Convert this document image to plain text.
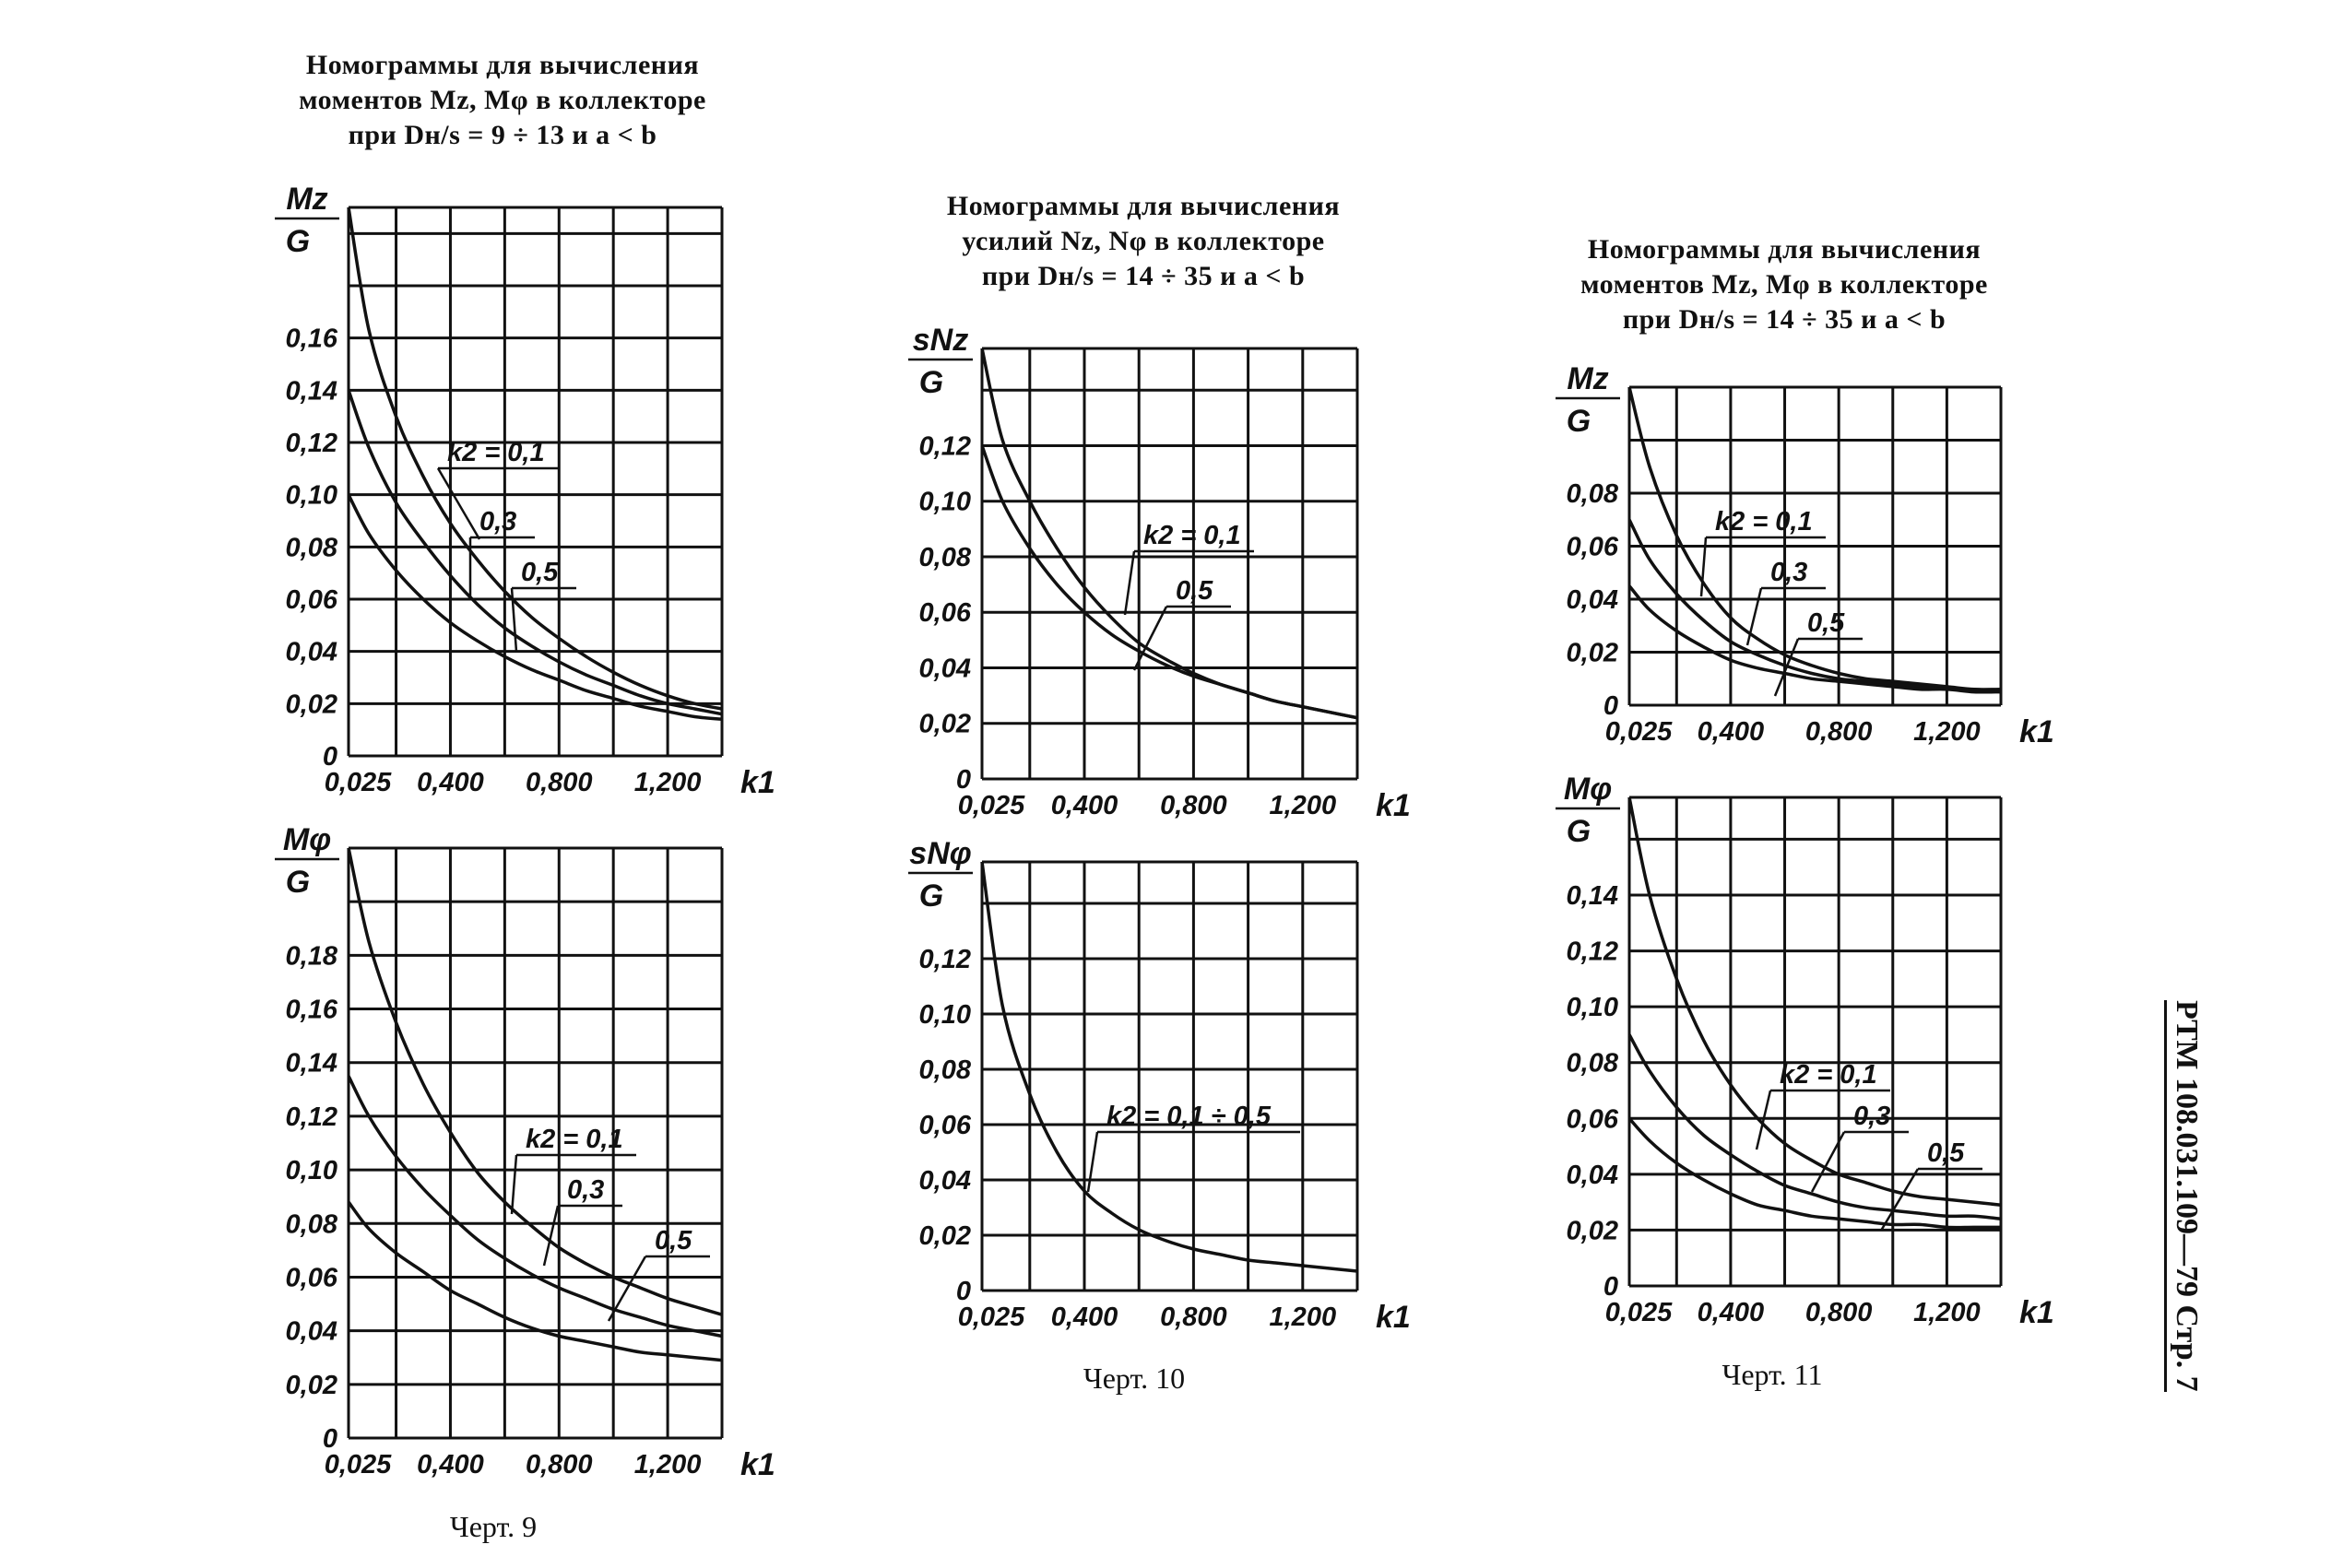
Номограммы для вычисления
моментов Mz, Mφ в коллекторе
при Dн/s = 9 ÷ 13 и a < b
Номограммы для вычисления
усилий Nz, Nφ в коллекторе
при Dн/s = 14 ÷ 35 и a < b
Номограммы для вычисления
моментов Mz, Mφ в коллекторе
при Dн/s = 14 ÷ 35 и a < b
0
0,02
0,04
0,06
0,08
0,10
0,12
0,14
0,16
0,025 0,400 0,800 1,200 k1
Mz
G
k2 = 0,1
0,3
0,5
0
0,02
0,04
0,06
0,08
0,10
0,12
0,14
0,16
0,18
0,025 0,400 0,800 1,200 k1
Mφ
G
k2 = 0,1
0,3
0,5
0
0,02
0,04
0,06
0,08
0,10
0,12
0,025 0,400 0,800 1,200 k1
sNz
G
k2 = 0,1
0,5
0
0,02
0,04
0,06
0,08
0,10
0,12
0,025 0,400 0,800 1,200 k1
sNφ
G
k2 = 0,1 ÷ 0,5
0
0,02
0,04
0,06
0,08
0,025 0,400 0,800 1,200 k1
Mz
G
k2 = 0,1
0,3
0,5
0
0,02
0,04
0,06
0,08
0,10
0,12
0,14
0,025 0,400 0,800 1,200 k1
Mφ
G
k2 = 0,1
0,3
0,5
Черт. 9
Черт. 10	Черт. 11	РТМ 108.031.109—79 Стр. 7
